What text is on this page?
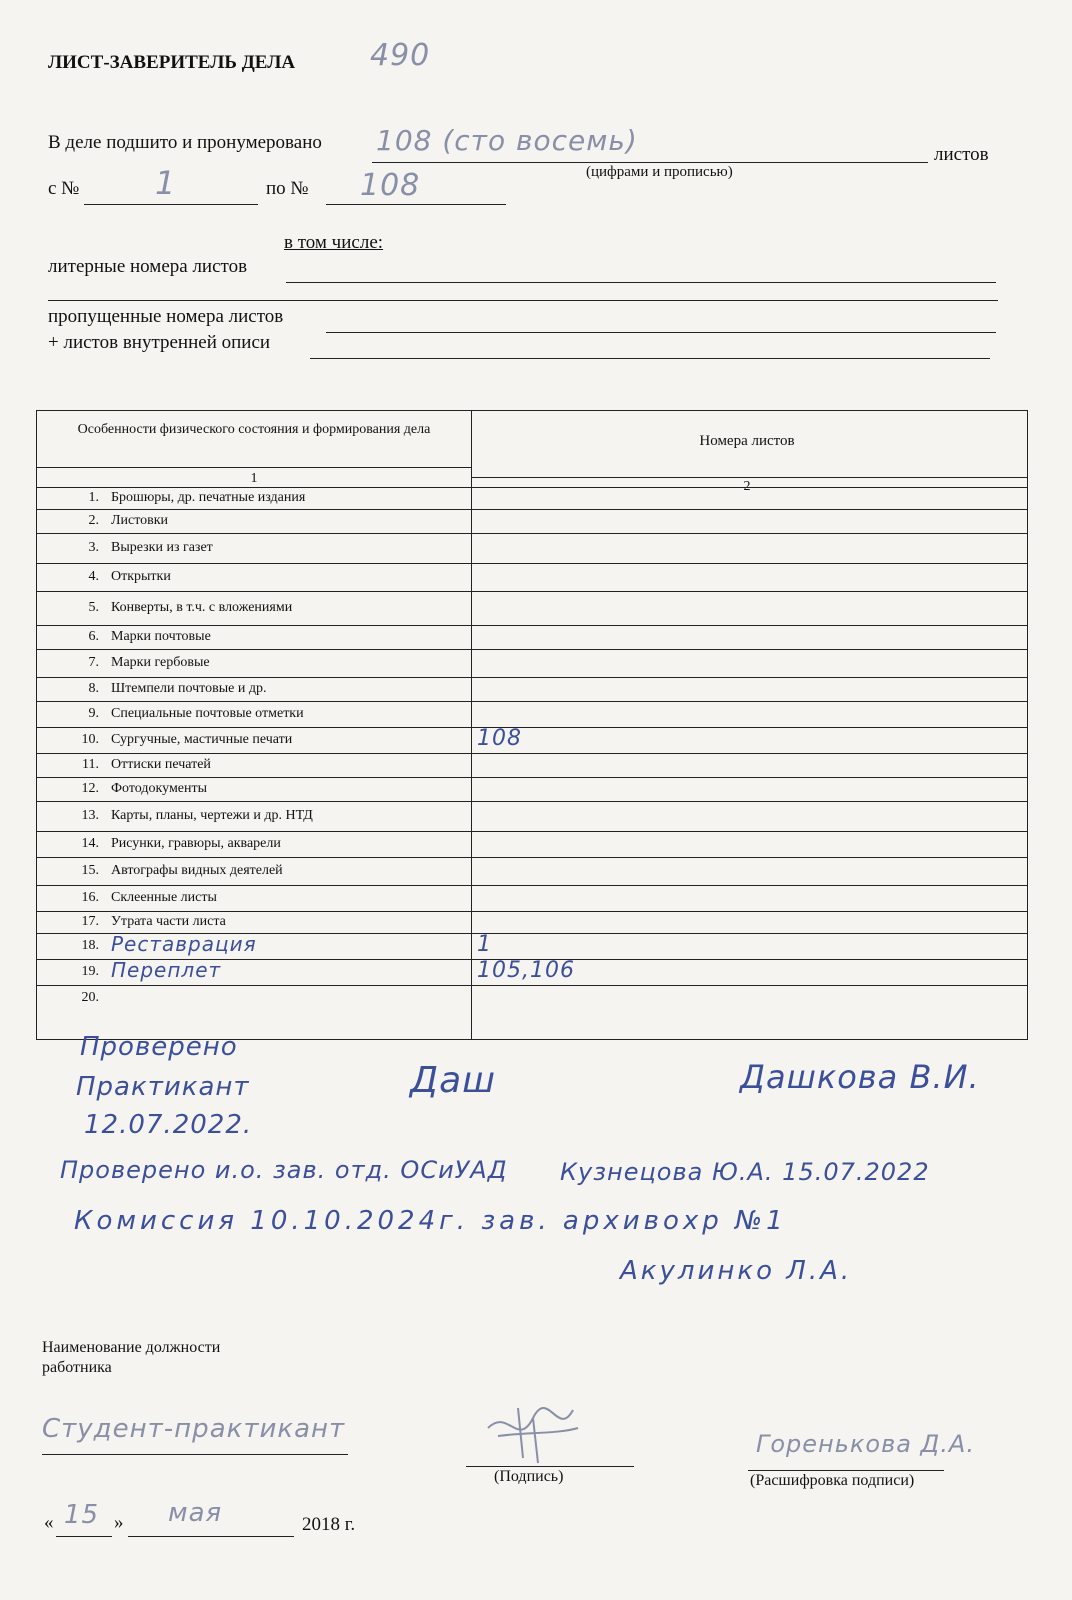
ЛИСТ-ЗАВЕРИТЕЛЬ ДЕЛА 490
В деле подшито и пронумеровано 108 (сто восемь)	листов
(цифрами и прописью)
с № 1	по № 108
в том числе:
литерные номера листов
пропущенные номера листов
+ листов внутренней описи
Особенности физического состояния и формирования дела
Номера листов
1
2
1. Брошюры, др. печатные издания
2. Листовки
3. Вырезки из газет
4. Открытки
5. Конверты, в т.ч. с вложениями
6. Марки почтовые
7. Марки гербовые
8. Штемпели почтовые и др.
9. Специальные почтовые отметки
10. Сургучные, мастичные печати	108
11. Оттиски печатей
12. Фотодокументы
13. Карты, планы, чертежи и др. НТД
14. Рисунки, гравюры, акварели
15. Автографы видных деятелей
16. Склеенные листы
17. Утрата части листа
18. Реставрация	1
19. Переплет	105,106
20.
Проверено
Практикант
12.07.2022.
Даш	Дашкова В.И.
Проверено и.о. зав. отд. ОСиУАД Кузнецова Ю.А. 15.07.2022
Комиссия 10.10.2024г. зав. архивохр №1
Акулинко Л.А.
Наименование должности работника
Студент-практикант
(Подпись)
Горенькова Д.А.
(Расшифровка подписи)
« 15 » мая	2018 г.
